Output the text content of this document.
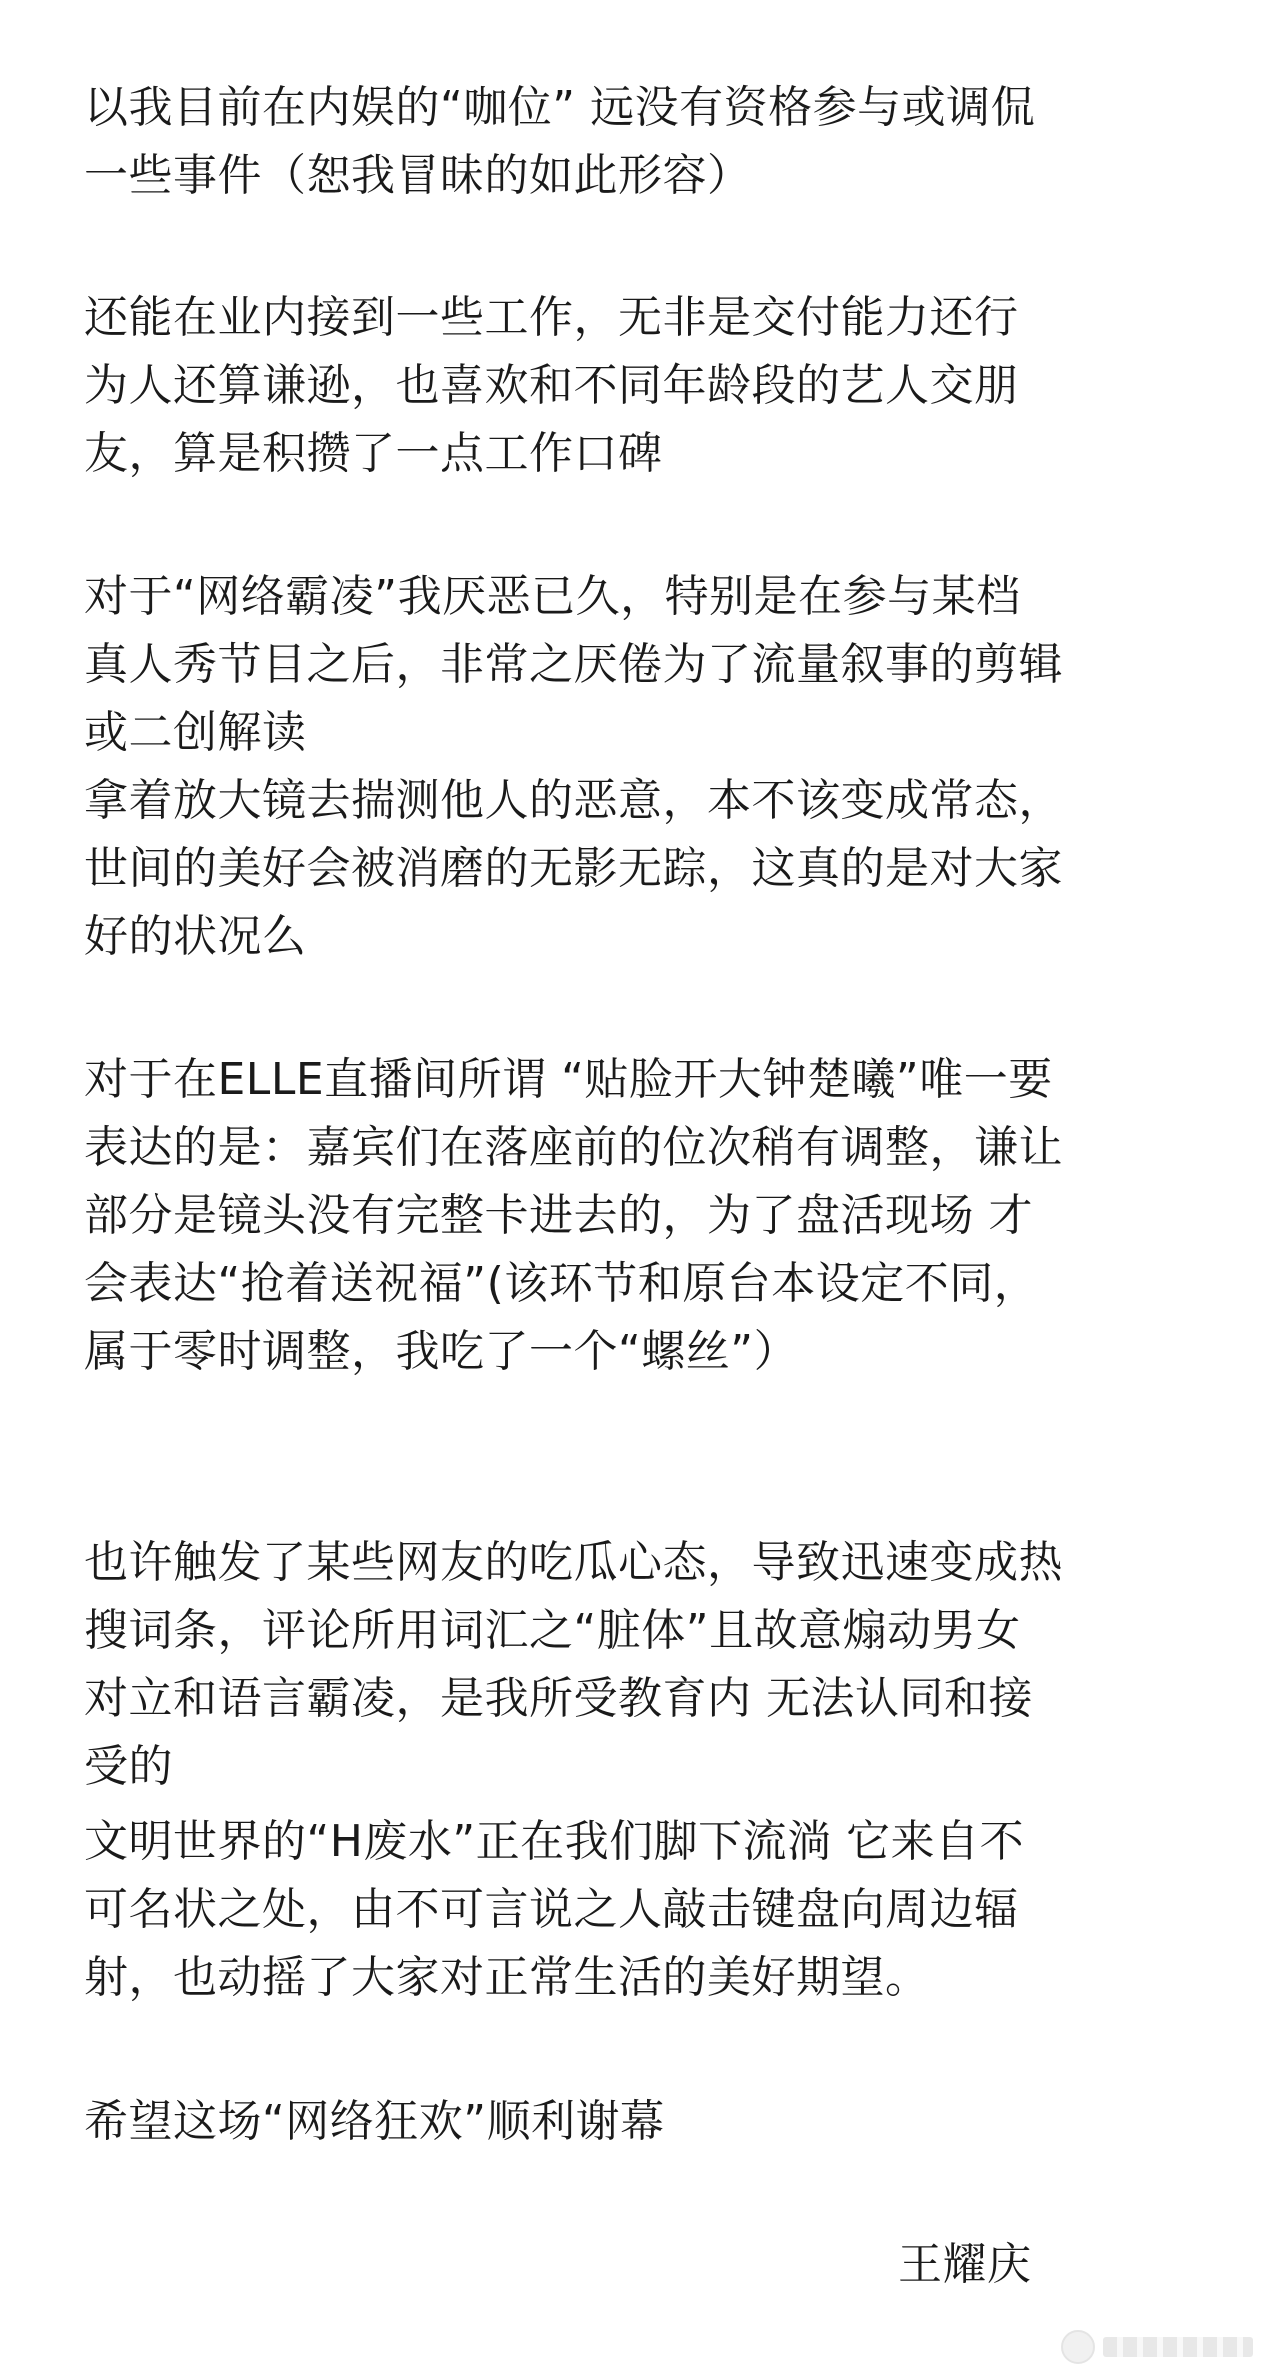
以我目前在内娱的“咖位” 远没有资格参与或调侃
一些事件（恕我冒昧的如此形容）
还能在业内接到一些工作，无非是交付能力还行
为人还算谦逊，也喜欢和不同年龄段的艺人交朋
友，算是积攒了一点工作口碑
对于“网络霸凌”我厌恶已久，特别是在参与某档
真人秀节目之后，非常之厌倦为了流量叙事的剪辑
或二创解读
拿着放大镜去揣测他人的恶意，本不该变成常态，
世间的美好会被消磨的无影无踪，这真的是对大家
好的状况么
对于在ELLE直播间所谓 “贴脸开大钟楚曦”唯一要
表达的是：嘉宾们在落座前的位次稍有调整，谦让
部分是镜头没有完整卡进去的，为了盘活现场 才
会表达“抢着送祝福”(该环节和原台本设定不同，
属于零时调整，我吃了一个“螺丝”）
也许触发了某些网友的吃瓜心态，导致迅速变成热
搜词条，评论所用词汇之“脏体”且故意煽动男女
对立和语言霸凌，是我所受教育内 无法认同和接
受的
文明世界的“H废水”正在我们脚下流淌 它来自不
可名状之处，由不可言说之人敲击键盘向周边辐
射，也动摇了大家对正常生活的美好期望。
希望这场“网络狂欢”顺利谢幕
王耀庆
